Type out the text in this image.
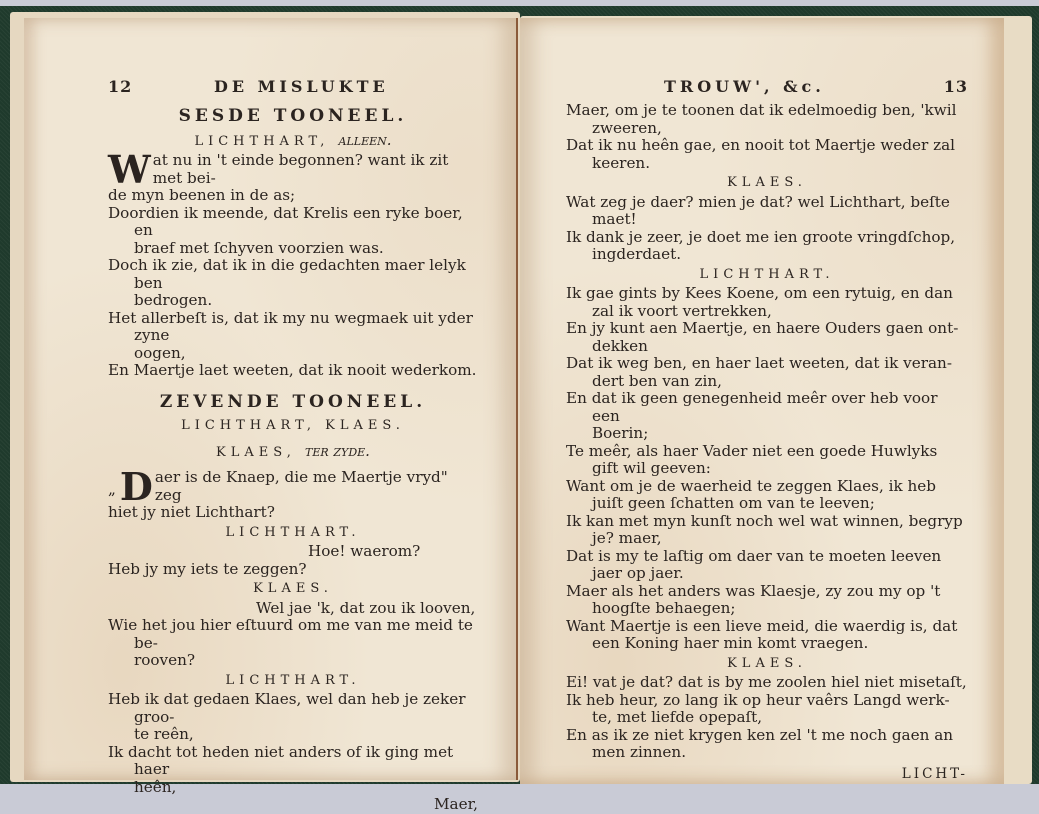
12	DE MISLUKTE
SESDE TOONEEL.
LICHTHART, alleen.
W at nu in 't einde begonnen? want ik zit met bei-
de myn beenen in de as;
Doordien ik meende, dat Krelis een ryke boer, en
braef met ſchyven voorzien was.
Doch ik zie, dat ik in die gedachten maer lelyk ben
bedrogen.
Het allerbeſt is, dat ik my nu wegmaek uit yder zyne
oogen,
En Maertje laet weeten, dat ik nooit wederkom.
ZEVENDE TOONEEL.
LICHTHART, KLAES.
KLAES, ter zyde.
„ D aer is de Knaep, die me Maertje vryd" zeg
hiet jy niet Lichthart?
LICHTHART.
Hoe! waerom?
Heb jy my iets te zeggen?
KLAES.
Wel jae 'k, dat zou ik looven,
Wie het jou hier eſtuurd om me van me meid te be-
rooven?
LICHTHART.
Heb ik dat gedaen Klaes, wel dan heb je zeker groo-
te reên,
Ik dacht tot heden niet anders of ik ging met haer
heên,
Maer,
TROUW', &c.	13
Maer, om je te toonen dat ik edelmoedig ben, 'kwil
zweeren,
Dat ik nu heên gae, en nooit tot Maertje weder zal
keeren.
KLAES.
Wat zeg je daer? mien je dat? wel Lichthart, beſte
maet!
Ik dank je zeer, je doet me ien groote vringdſchop,
ingderdaet.
LICHTHART.
Ik gae gints by Kees Koene, om een rytuig, en dan
zal ik voort vertrekken,
En jy kunt aen Maertje, en haere Ouders gaen ont-
dekken
Dat ik weg ben, en haer laet weeten, dat ik veran-
dert ben van zin,
En dat ik geen genegenheid meêr over heb voor een
Boerin;
Te meêr, als haer Vader niet een goede Huwlyks
gift wil geeven:
Want om je de waerheid te zeggen Klaes, ik heb
juiſt geen ſchatten om van te leeven;
Ik kan met myn kunſt noch wel wat winnen, begryp
je? maer,
Dat is my te laſtig om daer van te moeten leeven
jaer op jaer.
Maer als het anders was Klaesje, zy zou my op 't
hoogſte behaegen;
Want Maertje is een lieve meid, die waerdig is, dat
een Koning haer min komt vraegen.
KLAES.
Ei! vat je dat? dat is by me zoolen hiel niet misetaſt,
Ik heb heur, zo lang ik op heur vaêrs Langd werk-
te, met liefde opepaſt,
En as ik ze niet krygen ken zel 't me noch gaen an
men zinnen.
LICHT-
